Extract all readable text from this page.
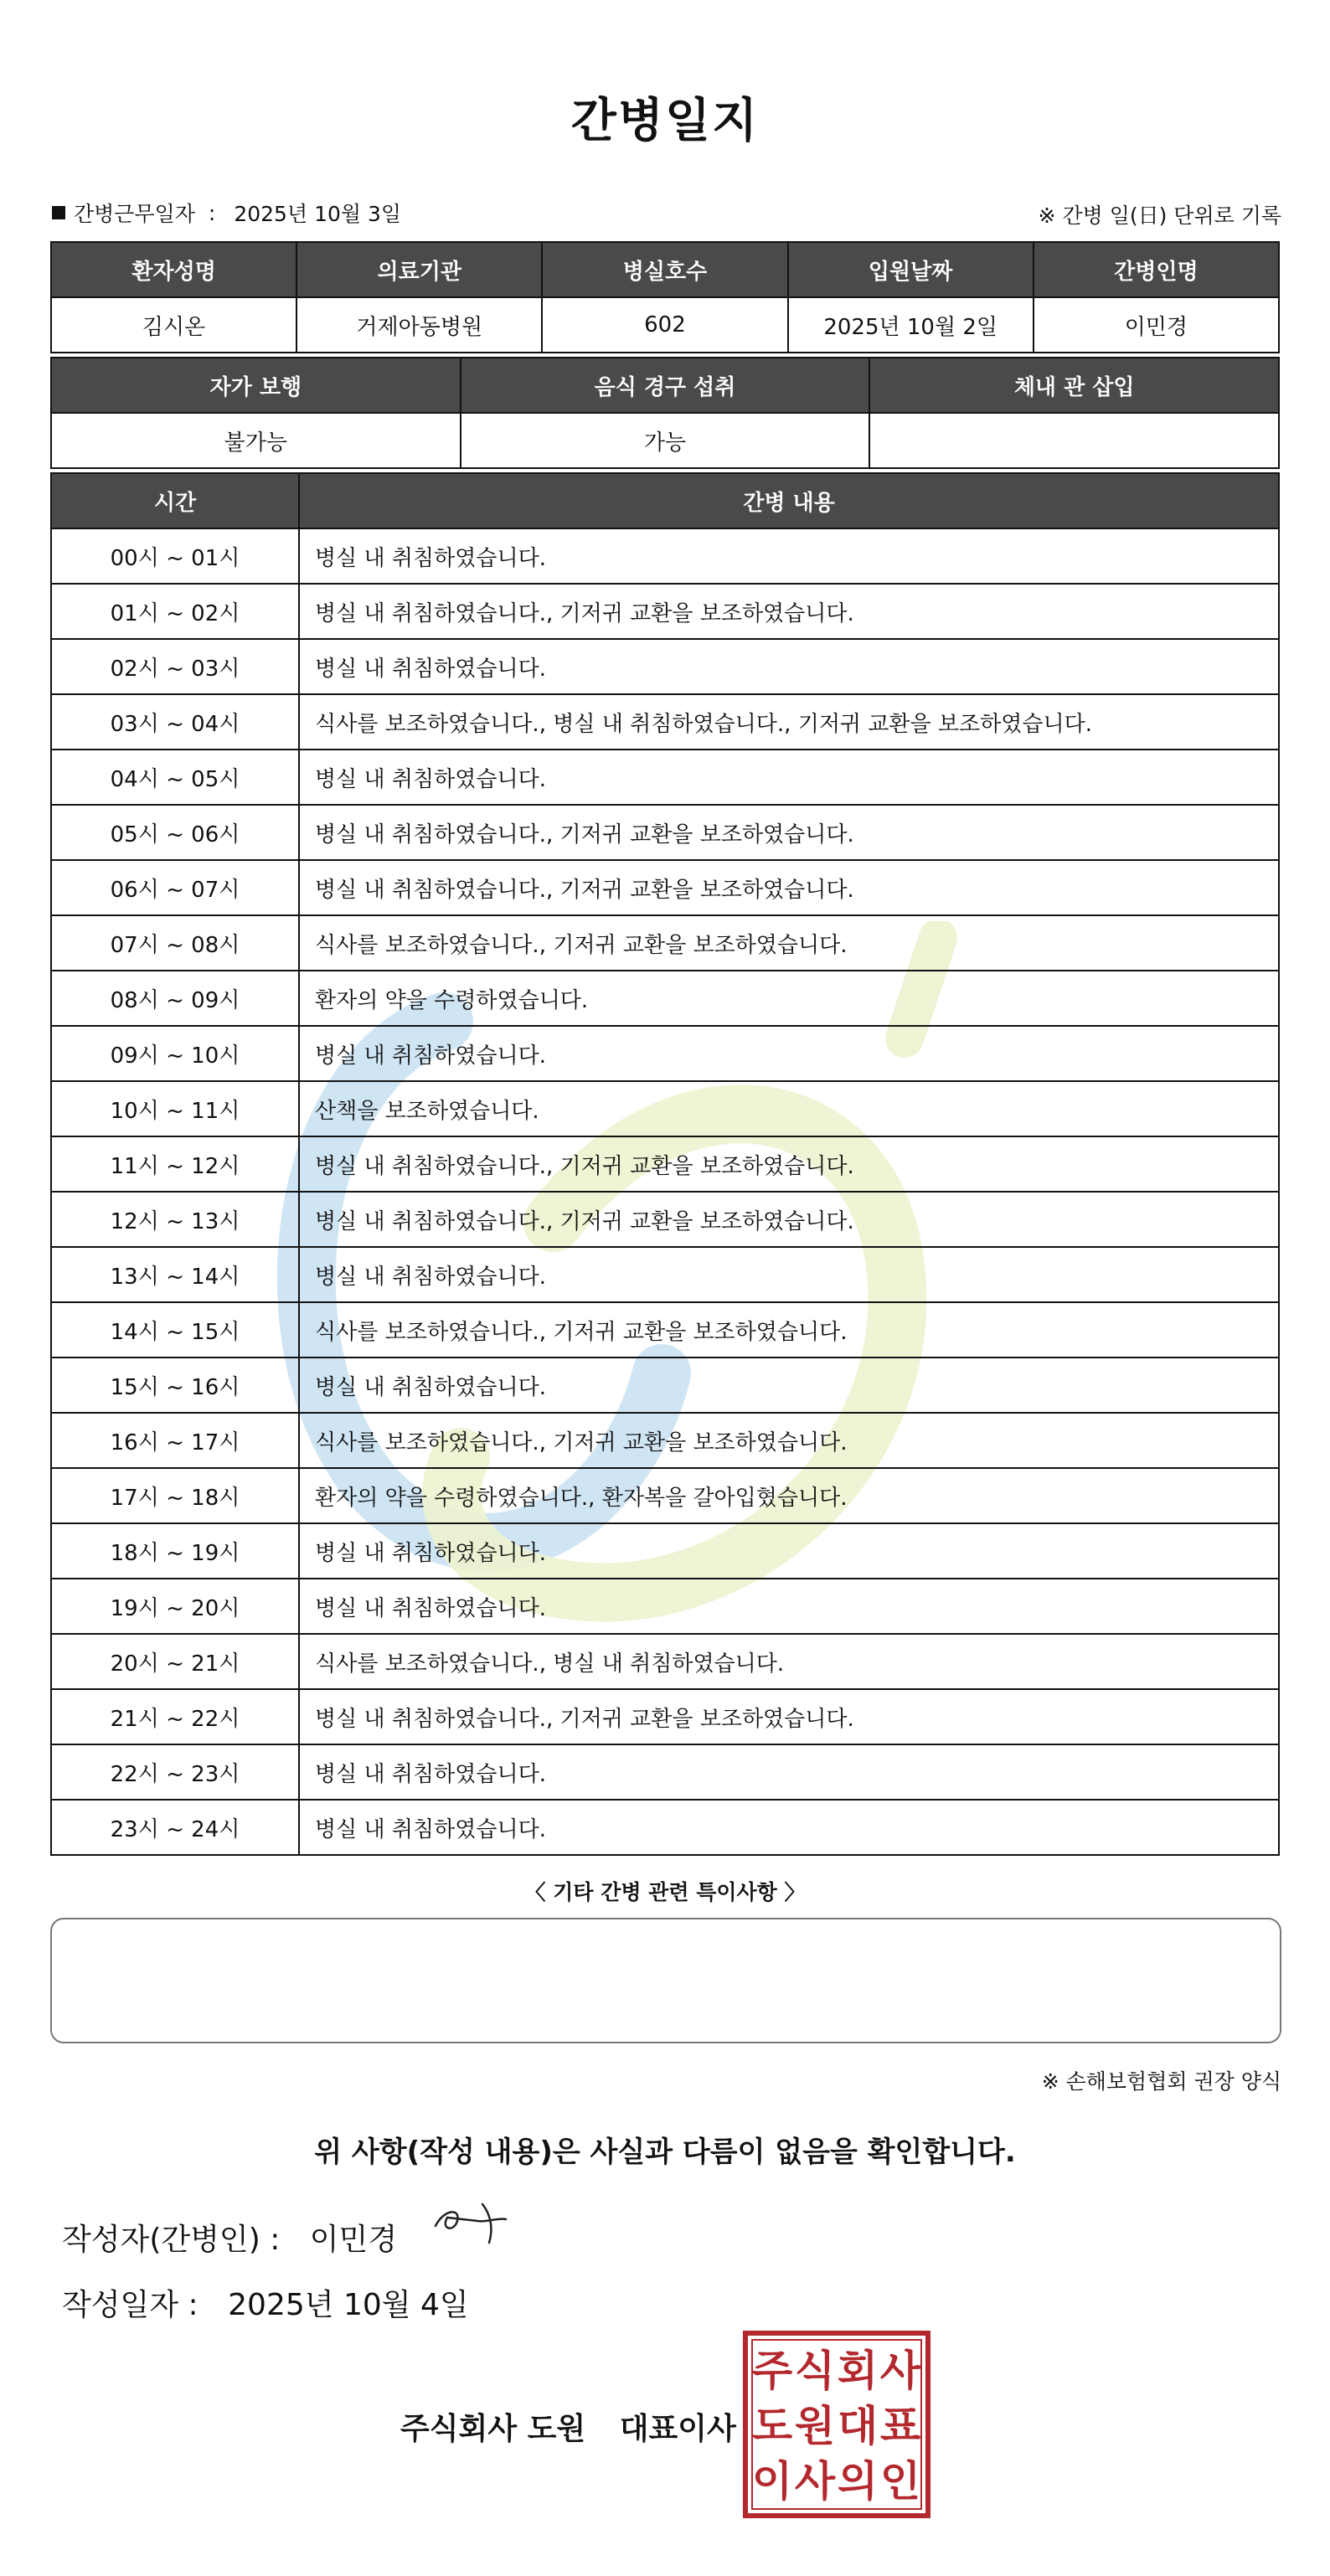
간병일지
간병근무일자 : 2025년 10월 3일	※ 간병 일(日) 단위로 기록
환자성명	의료기관	병실호수	입원날짜	간병인명
김시온	거제아동병원	602	2025년 10월 2일	이민경
자가 보행	음식 경구 섭취	체내 관 삽입
불가능	가능	
시간	간병 내용
00시 ~ 01시	병실 내 취침하였습니다.
01시 ~ 02시	병실 내 취침하였습니다., 기저귀 교환을 보조하였습니다.
02시 ~ 03시	병실 내 취침하였습니다.
03시 ~ 04시	식사를 보조하였습니다., 병실 내 취침하였습니다., 기저귀 교환을 보조하였습니다.
04시 ~ 05시	병실 내 취침하였습니다.
05시 ~ 06시	병실 내 취침하였습니다., 기저귀 교환을 보조하였습니다.
06시 ~ 07시	병실 내 취침하였습니다., 기저귀 교환을 보조하였습니다.
07시 ~ 08시	식사를 보조하였습니다., 기저귀 교환을 보조하였습니다.
08시 ~ 09시	환자의 약을 수령하였습니다.
09시 ~ 10시	병실 내 취침하였습니다.
10시 ~ 11시	산책을 보조하였습니다.
11시 ~ 12시	병실 내 취침하였습니다., 기저귀 교환을 보조하였습니다.
12시 ~ 13시	병실 내 취침하였습니다., 기저귀 교환을 보조하였습니다.
13시 ~ 14시	병실 내 취침하였습니다.
14시 ~ 15시	식사를 보조하였습니다., 기저귀 교환을 보조하였습니다.
15시 ~ 16시	병실 내 취침하였습니다.
16시 ~ 17시	식사를 보조하였습니다., 기저귀 교환을 보조하였습니다.
17시 ~ 18시	환자의 약을 수령하였습니다., 환자복을 갈아입혔습니다.
18시 ~ 19시	병실 내 취침하였습니다.
19시 ~ 20시	병실 내 취침하였습니다.
20시 ~ 21시	식사를 보조하였습니다., 병실 내 취침하였습니다.
21시 ~ 22시	병실 내 취침하였습니다., 기저귀 교환을 보조하였습니다.
22시 ~ 23시	병실 내 취침하였습니다.
23시 ~ 24시	병실 내 취침하였습니다.
〈 기타 간병 관련 특이사항 〉
※ 손해보험협회 권장 양식
위 사항(작성 내용)은 사실과 다름이 없음을 확인합니다.
작성자(간병인) : 이민경
작성일자 : 2025년 10월 4일
주식회사 도원 대표이사
주 식 회 사
도 원 대 표
이 사 의 인
